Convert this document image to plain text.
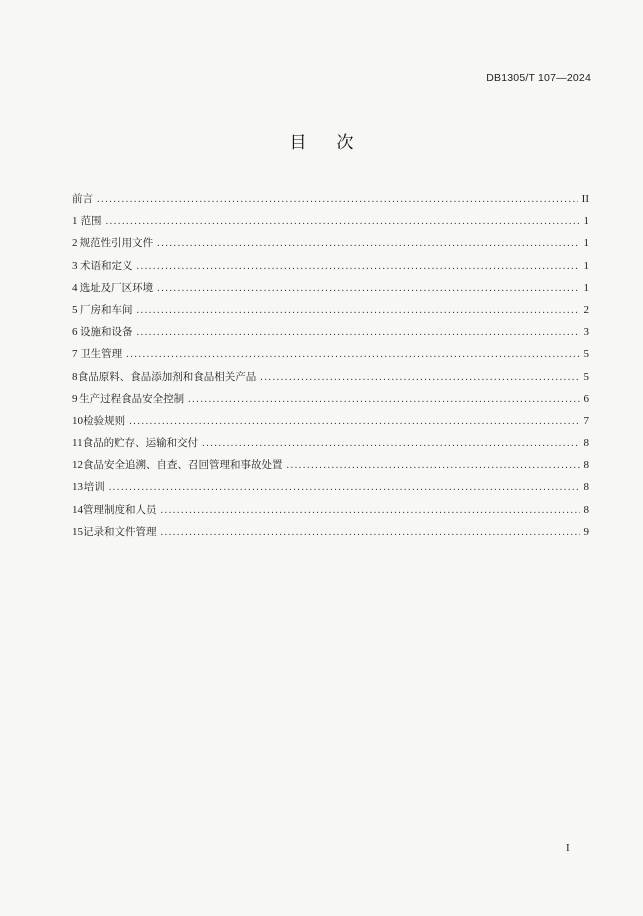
DB1305/T 107—2024
目次
前言 .....	II
1 范围 .....	1
2 规范性引用文件 .....	1
3 术语和定义 .....	1
4 选址及厂区环境 .....	1
5 厂房和车间 .....	2
6 设施和设备 .....	3
7 卫生管理 .....	5
8 食品原料、食品添加剂和食品相关产品 .....	5
9 生产过程食品安全控制 .....	6
10 检验规则 .....	7
11 食品的贮存、运输和交付 .....	8
12 食品安全追溯、自查、召回管理和事故处置 .....	8
13 培训 .....	8
14 管理制度和人员 .....	8
15 记录和文件管理 .....	9
I
